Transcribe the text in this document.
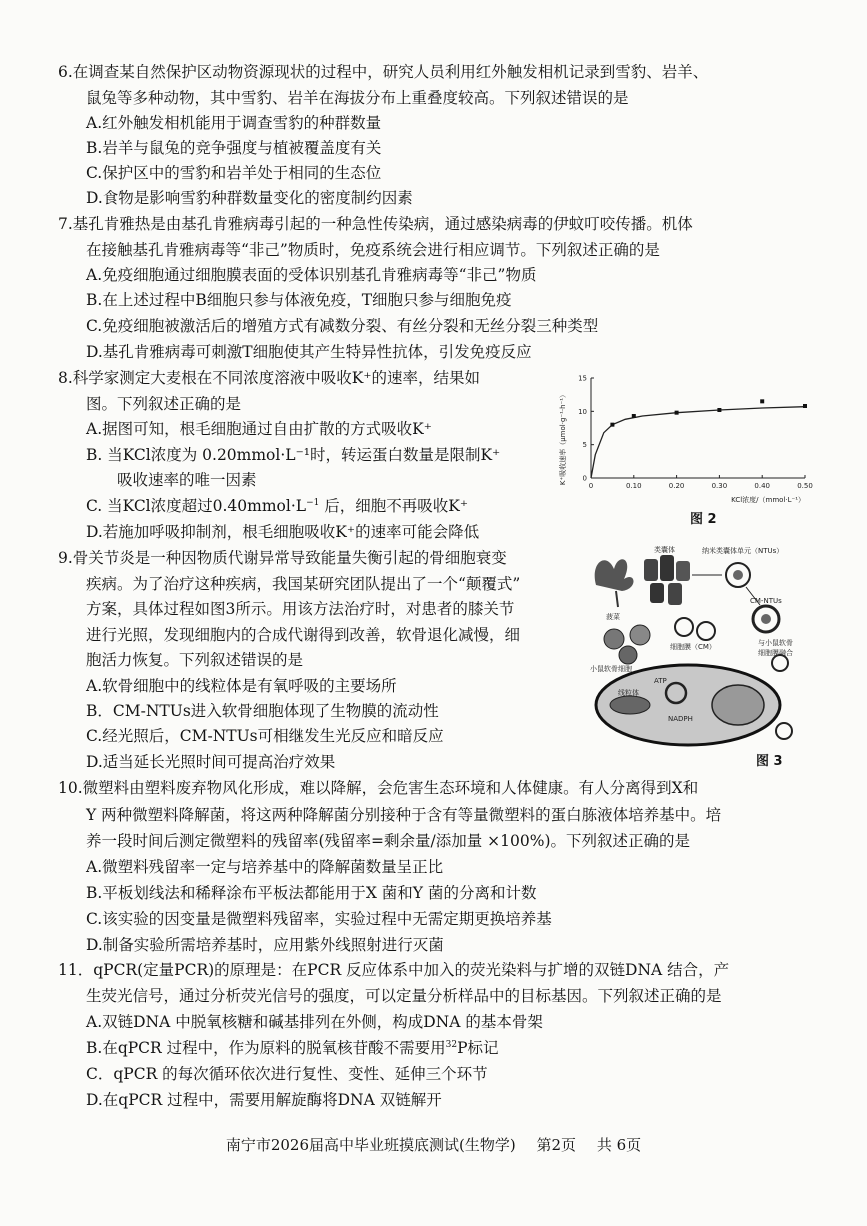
6.在调查某自然保护区动物资源现状的过程中，研究人员利用红外触发相机记录到雪豹、岩羊、
鼠兔等多种动物，其中雪豹、岩羊在海拔分布上重叠度较高。下列叙述错误的是
A.红外触发相机能用于调查雪豹的种群数量
B.岩羊与鼠兔的竞争强度与植被覆盖度有关
C.保护区中的雪豹和岩羊处于相同的生态位
D.食物是影响雪豹种群数量变化的密度制约因素
7.基孔肯雅热是由基孔肯雅病毒引起的一种急性传染病，通过感染病毒的伊蚊叮咬传播。机体
在接触基孔肯雅病毒等“非己”物质时，免疫系统会进行相应调节。下列叙述正确的是
A.免疫细胞通过细胞膜表面的受体识别基孔肯雅病毒等“非己”物质
B.在上述过程中B细胞只参与体液免疫，T细胞只参与细胞免疫
C.免疫细胞被激活后的增殖方式有减数分裂、有丝分裂和无丝分裂三种类型
D.基孔肯雅病毒可刺激T细胞使其产生特异性抗体，引发免疫反应
8.科学家测定大麦根在不同浓度溶液中吸收K⁺的速率，结果如
图。下列叙述正确的是
A.据图可知，根毛细胞通过自由扩散的方式吸收K⁺
B. 当KCl浓度为 0.20mmol·L⁻¹时，转运蛋白数量是限制K⁺
吸收速率的唯一因素
C. 当KCl浓度超过$0.40mmol\cdot L^{-1}$ 后，细胞不再吸收K⁺
D.若施加呼吸抑制剂，根毛细胞吸收K⁺的速率可能会降低
K⁺吸收速率（μmol·g⁻¹·h⁻¹） 0
5
10
15
0	0.10	0.20	0.30	0.40	0.50
KCl浓度/（mmol·L⁻¹）
图 2
9.骨关节炎是一种因物质代谢异常导致能量失衡引起的骨细胞衰变
疾病。为了治疗这种疾病，我国某研究团队提出了一个“颠覆式”
方案，具体过程如图3所示。用该方法治疗时，对患者的膝关节
进行光照，发现细胞内的合成代谢得到改善，软骨退化减慢，细
胞活力恢复。下列叙述错误的是
A.软骨细胞中的线粒体是有氧呼吸的主要场所
B．CM-NTUs进入软骨细胞体现了生物膜的流动性
C.经光照后，CM-NTUs可相继发生光反应和暗反应
D.适当延长光照时间可提高治疗效果
菠菜
类囊体	纳米类囊体单元（NTUs）
CM-NTUs
小鼠软骨细胞
细胞膜（CM）	与小鼠软骨
细胞膜融合
线粒体
ATP
NADPH
图 3
10.微塑料由塑料废弃物风化形成，难以降解，会危害生态环境和人体健康。有人分离得到X和
Y 两种微塑料降解菌，将这两种降解菌分别接种于含有等量微塑料的蛋白胨液体培养基中。培
养一段时间后测定微塑料的残留率(残留率=剩余量/添加量 ×100%)。下列叙述正确的是
A.微塑料残留率一定与培养基中的降解菌数量呈正比
B.平板划线法和稀释涂布平板法都能用于X 菌和Y 菌的分离和计数
C.该实验的因变量是微塑料残留率，实验过程中无需定期更换培养基
D.制备实验所需培养基时，应用紫外线照射进行灭菌
11．qPCR(定量PCR)的原理是：在PCR 反应体系中加入的荧光染料与扩增的双链DNA 结合，产
生荧光信号，通过分析荧光信号的强度，可以定量分析样品中的目标基因。下列叙述正确的是
A.双链DNA 中脱氧核糖和碱基排列在外侧，构成DNA 的基本骨架
B.在qPCR 过程中，作为原料的脱氧核苷酸不需要用$^{32}$P标记
C．qPCR 的每次循环依次进行复性、变性、延伸三个环节
D.在qPCR 过程中，需要用解旋酶将DNA 双链解开
南宁市2026届高中毕业班摸底测试(生物学) 第2页 共 6页
